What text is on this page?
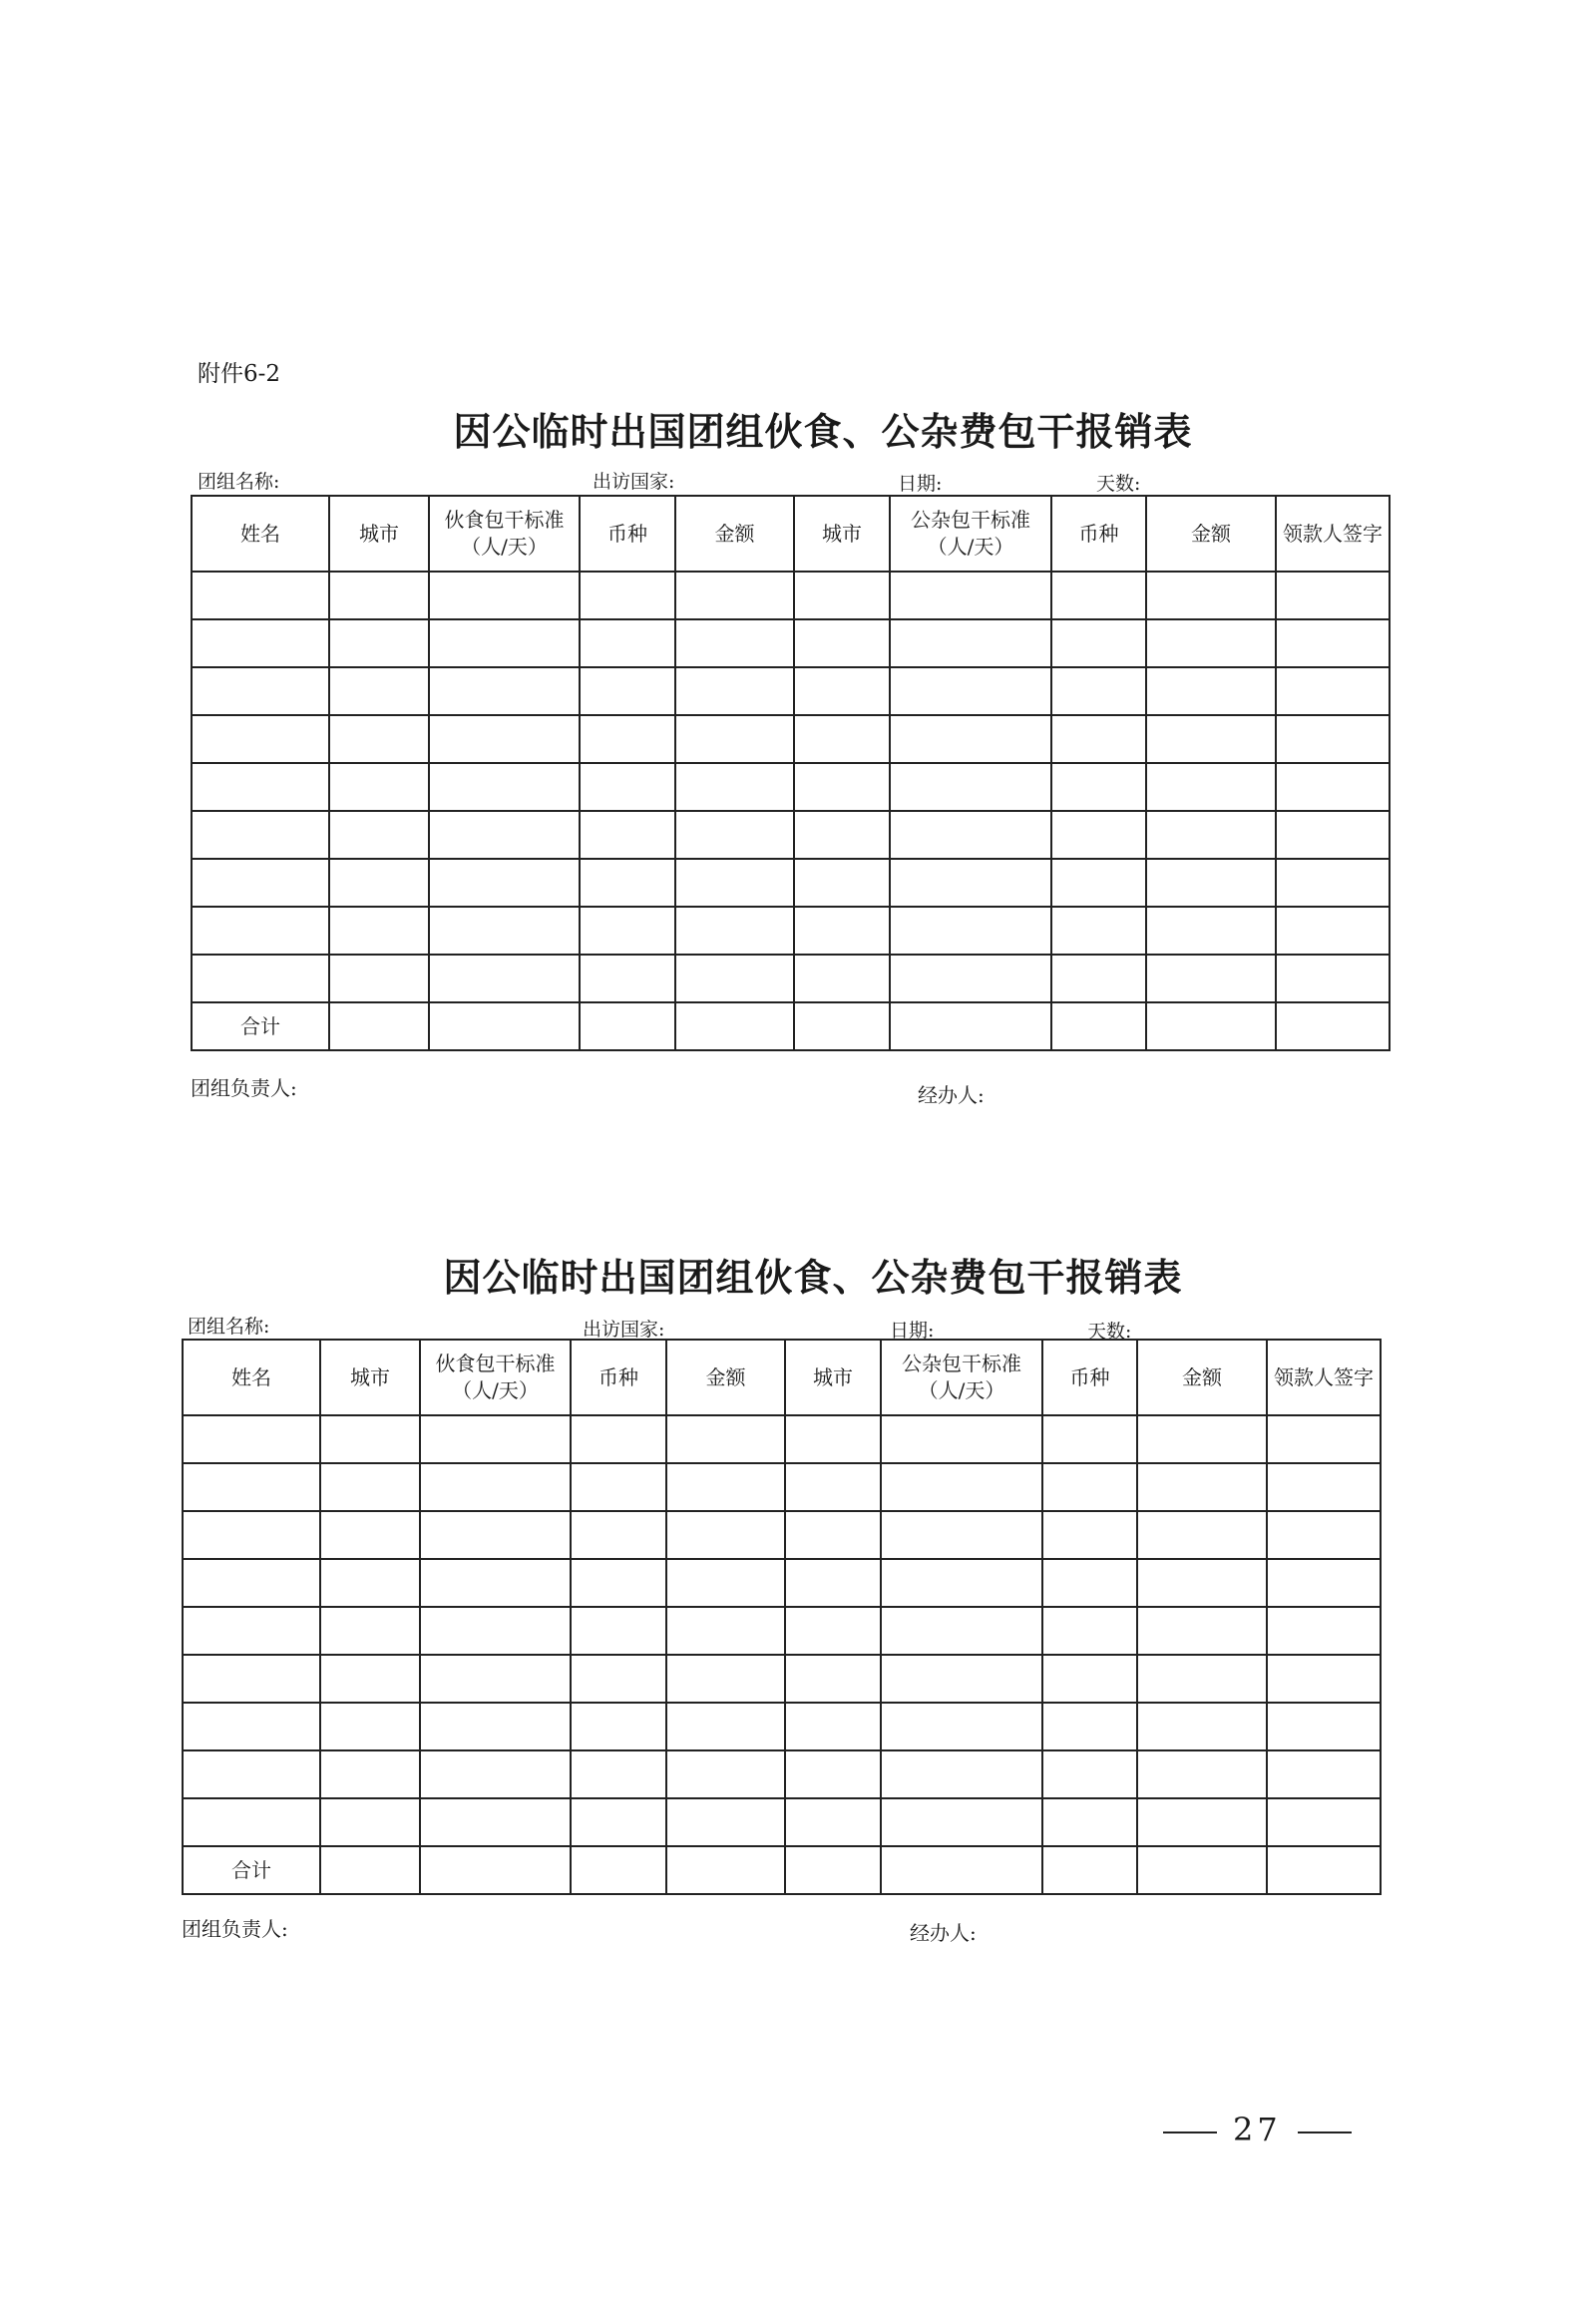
附件6-2
因公临时出国团组伙食、公杂费包干报销表
团组名称:	出访国家:	日期:	天数:
姓名	城市	伙食包干标准（人/天）	币种	金额	城市	公杂包干标准（人/天）	币种	金额	领款人签字

合计									
团组负责人:	经办人:
因公临时出国团组伙食、公杂费包干报销表
团组名称:	出访国家:	日期:	天数:
姓名	城市	伙食包干标准（人/天）	币种	金额	城市	公杂包干标准（人/天）	币种	金额	领款人签字

合计									
团组负责人:	经办人:
27
